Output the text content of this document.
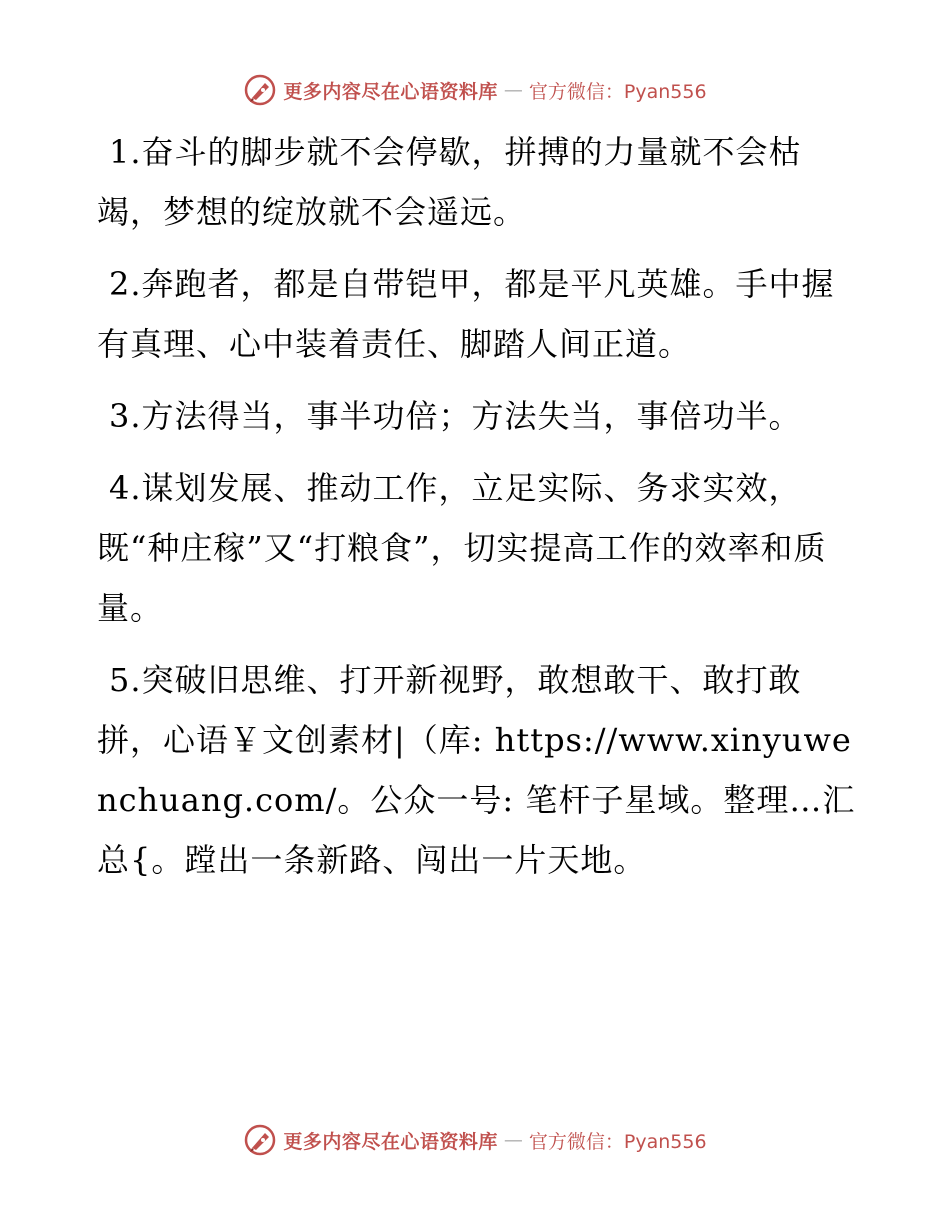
更多内容尽在心语资料库 — 官方微信：Pyan556

1.奋斗的脚步就不会停歇，拼搏的力量就不会枯竭，梦想的绽放就不会遥远。

2.奔跑者，都是自带铠甲，都是平凡英雄。手中握有真理、心中装着责任、脚踏人间正道。

3.方法得当，事半功倍；方法失当，事倍功半。

4.谋划发展、推动工作，立足实际、务求实效，既“种庄稼”又“打粮食”，切实提高工作的效率和质量。

5.突破旧思维、打开新视野，敢想敢干、敢打敢拼，心语￥文创素材|（库: https://www.xinyuwenchuang.com/。公众一号: 笔杆子星域。整理…汇总{。蹚出一条新路、闯出一片天地。

更多内容尽在心语资料库 — 官方微信：Pyan556
